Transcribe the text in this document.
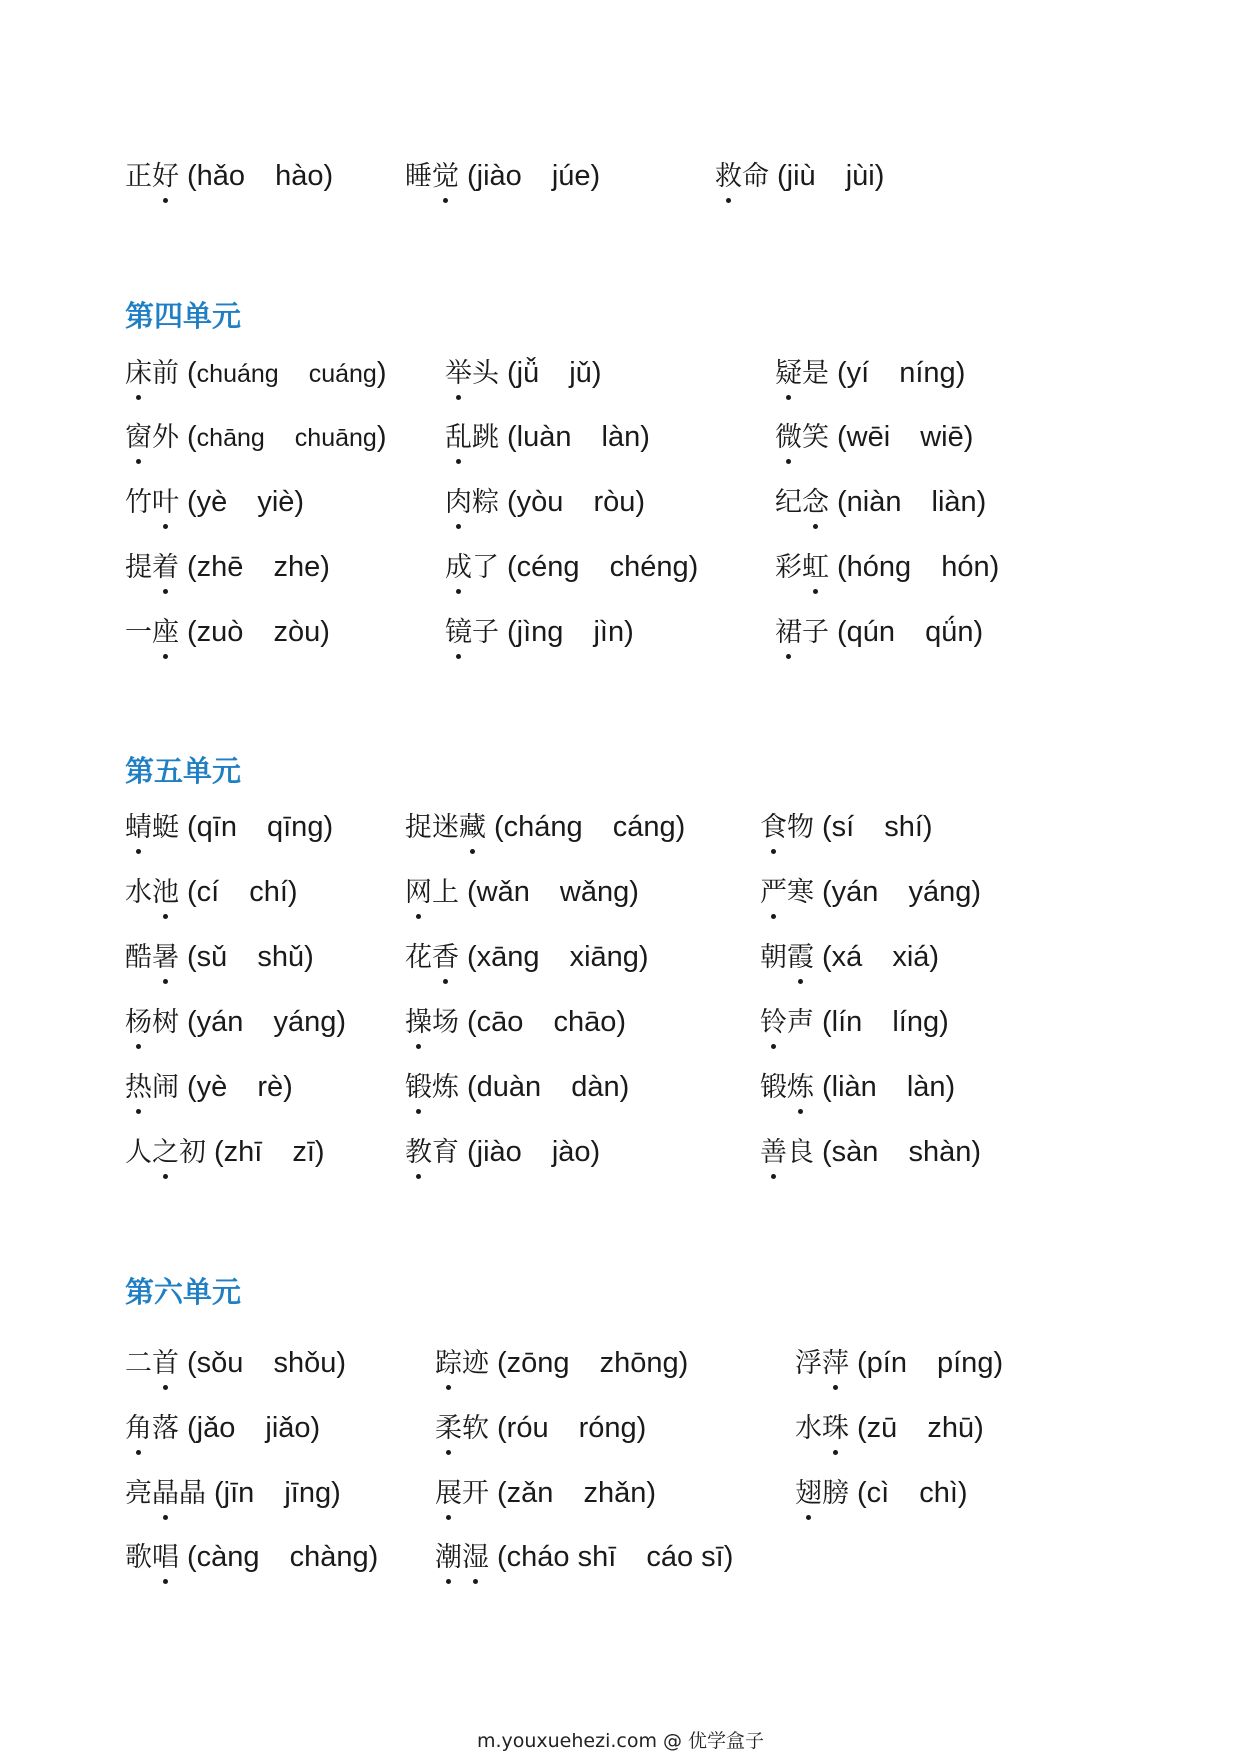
正好 (hǎo hào)	睡觉 (jiào júe)	救命 (jiù jùi)
第四单元
床前 (chuáng cuáng) 举头 (jǚ jǔ)	疑是 (yí níng)
窗外 (chāng chuāng) 乱跳 (luàn làn)	微笑 (wēi wiē)
竹叶 (yè yiè)	肉粽 (yòu ròu)	纪念 (niàn liàn)
提着 (zhē zhe)	成了 (céng chéng)	彩虹 (hóng hón)
一座 (zuò zòu)	镜子 (jìng jìn)	裙子 (qún qǘn)
第五单元
蜻蜓 (qīn qīng)	捉迷藏 (cháng cáng)	食物 (sí shí)
水池 (cí chí)	网上 (wǎn wǎng)	严寒 (yán yáng)
酷暑 (sǔ shǔ)	花香 (xāng xiāng)	朝霞 (xá xiá)
杨树 (yán yáng) 操场 (cāo chāo)	铃声 (lín líng)
热闹 (yè rè)	锻炼 (duàn dàn)	锻炼 (liàn làn)
人之初 (zhī zī)	教育 (jiào jào)	善良 (sàn shàn)
第六单元
二首 (sǒu shǒu)	踪迹 (zōng zhōng)	浮萍 (pín píng)
角落 (jǎo jiǎo)	柔软 (róu róng)	水珠 (zū zhū)
亮晶晶 (jīn jīng)	展开 (zǎn zhǎn)	翅膀 (cì chì)
歌唱 (càng chàng) 潮湿 (cháo shī cáo sī)
m.youxuehezi.com @ 优学盒子
